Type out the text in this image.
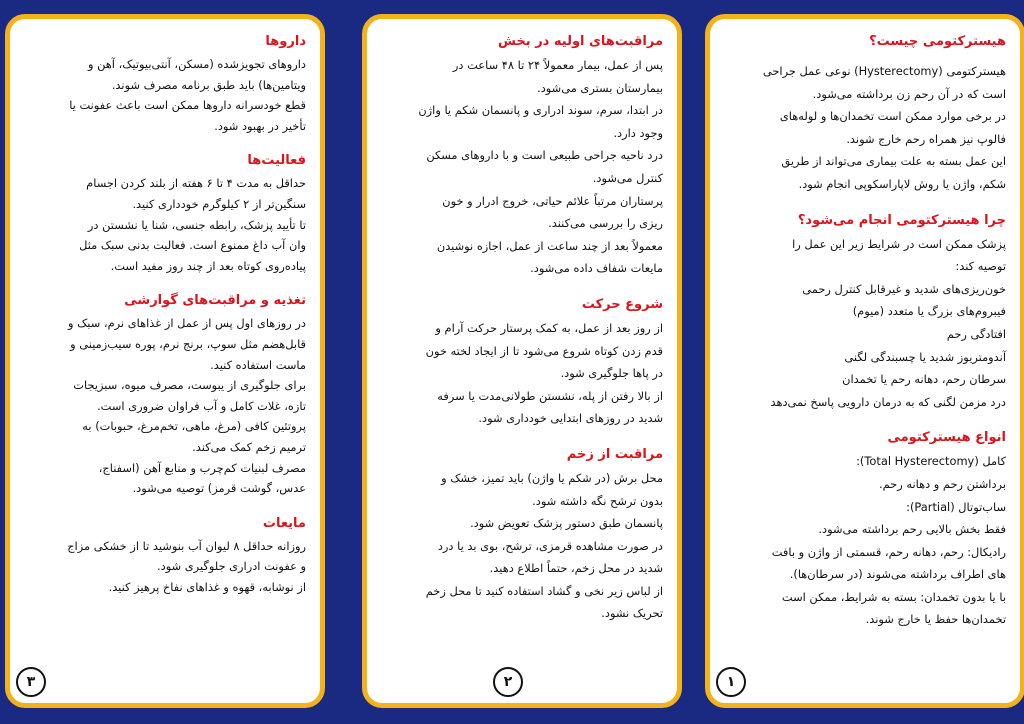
هیسترکتومی چیست؟

هیسترکتومی (Hysterectomy) نوعی عمل جراحی

است که در آن رحم زن برداشته می‌شود.

در برخی موارد ممکن است تخمدان‌ها و لوله‌های

فالوپ نیز همراه رحم خارج شوند.

این عمل بسته به علت بیماری می‌تواند از طریق

شکم، واژن یا روش لاپاراسکوپی انجام شود.

چرا هیسترکتومی انجام می‌شود؟

پزشک ممکن است در شرایط زیر این عمل را

توصیه کند:

خون‌ریزی‌های شدید و غیرقابل کنترل رحمی

فیبروم‌های بزرگ یا متعدد (میوم)

افتادگی رحم

آندومتریوز شدید یا چسبندگی لگنی

سرطان رحم، دهانه رحم یا تخمدان

درد مزمن لگنی که به درمان دارویی پاسخ نمی‌دهد

انواع هیسترکتومی

کامل (Total Hysterectomy):

برداشتن رحم و دهانه رحم.

ساب‌توتال (Partial):

فقط بخش بالایی رحم برداشته می‌شود.

رادیکال: رحم، دهانه رحم، قسمتی از واژن و بافت

های اطراف برداشته می‌شوند (در سرطان‌ها).

با یا بدون تخمدان: بسته به شرایط، ممکن است

تخمدان‌ها حفظ یا خارج شوند.

۱
مراقبت‌های اولیه در بخش

پس از عمل، بیمار معمولاً ۲۴ تا ۴۸ ساعت در

بیمارستان بستری می‌شود.

در ابتدا، سرم، سوند ادراری و پانسمان شکم یا واژن

وجود دارد.

درد ناحیه جراحی طبیعی است و با داروهای مسکن

کنترل می‌شود.

پرستاران مرتباً علائم حیاتی، خروج ادرار و خون

ریزی را بررسی می‌کنند.

معمولاً بعد از چند ساعت از عمل، اجازه نوشیدن

مایعات شفاف داده می‌شود.

شروع حرکت

از روز بعد از عمل، به کمک پرستار حرکت آرام و

قدم زدن کوتاه شروع می‌شود تا از ایجاد لخته خون

در پاها جلوگیری شود.

از بالا رفتن از پله، نشستن طولانی‌مدت یا سرفه

شدید در روزهای ابتدایی خودداری شود.

مراقبت از زخم

محل برش (در شکم یا واژن) باید تمیز، خشک و

بدون ترشح نگه داشته شود.

پانسمان طبق دستور پزشک تعویض شود.

در صورت مشاهده قرمزی، ترشح، بوی بد یا درد

شدید در محل زخم، حتماً اطلاع دهید.

از لباس زیر نخی و گشاد استفاده کنید تا محل زخم

تحریک نشود.

۲
داروها

داروهای تجویزشده (مسکن، آنتی‌بیوتیک، آهن و

ویتامین‌ها) باید طبق برنامه مصرف شوند.

قطع خودسرانه داروها ممکن است باعث عفونت یا

تأخیر در بهبود شود.

فعالیت‌ها

حداقل به مدت ۴ تا ۶ هفته از بلند کردن اجسام

سنگین‌تر از ۲ کیلوگرم خودداری کنید.

تا تأیید پزشک، رابطه جنسی، شنا یا نشستن در

وان آب داغ ممنوع است. فعالیت بدنی سبک مثل

پیاده‌روی کوتاه بعد از چند روز مفید است.

تغذیه و مراقبت‌های گوارشی

در روزهای اول پس از عمل از غذاهای نرم، سبک و

قابل‌هضم مثل سوپ، برنج نرم، پوره سیب‌زمینی و

ماست استفاده کنید.

برای جلوگیری از یبوست، مصرف میوه، سبزیجات

تازه، غلات کامل و آب فراوان ضروری است.

پروتئین کافی (مرغ، ماهی، تخم‌مرغ، حبوبات) به

ترمیم زخم کمک می‌کند.

مصرف لبنیات کم‌چرب و منابع آهن (اسفناج،

عدس، گوشت قرمز) توصیه می‌شود.

مایعات

روزانه حداقل ۸ لیوان آب بنوشید تا از خشکی مزاج

و عفونت ادراری جلوگیری شود.

از نوشابه، قهوه و غذاهای نفاخ پرهیز کنید.

۳
